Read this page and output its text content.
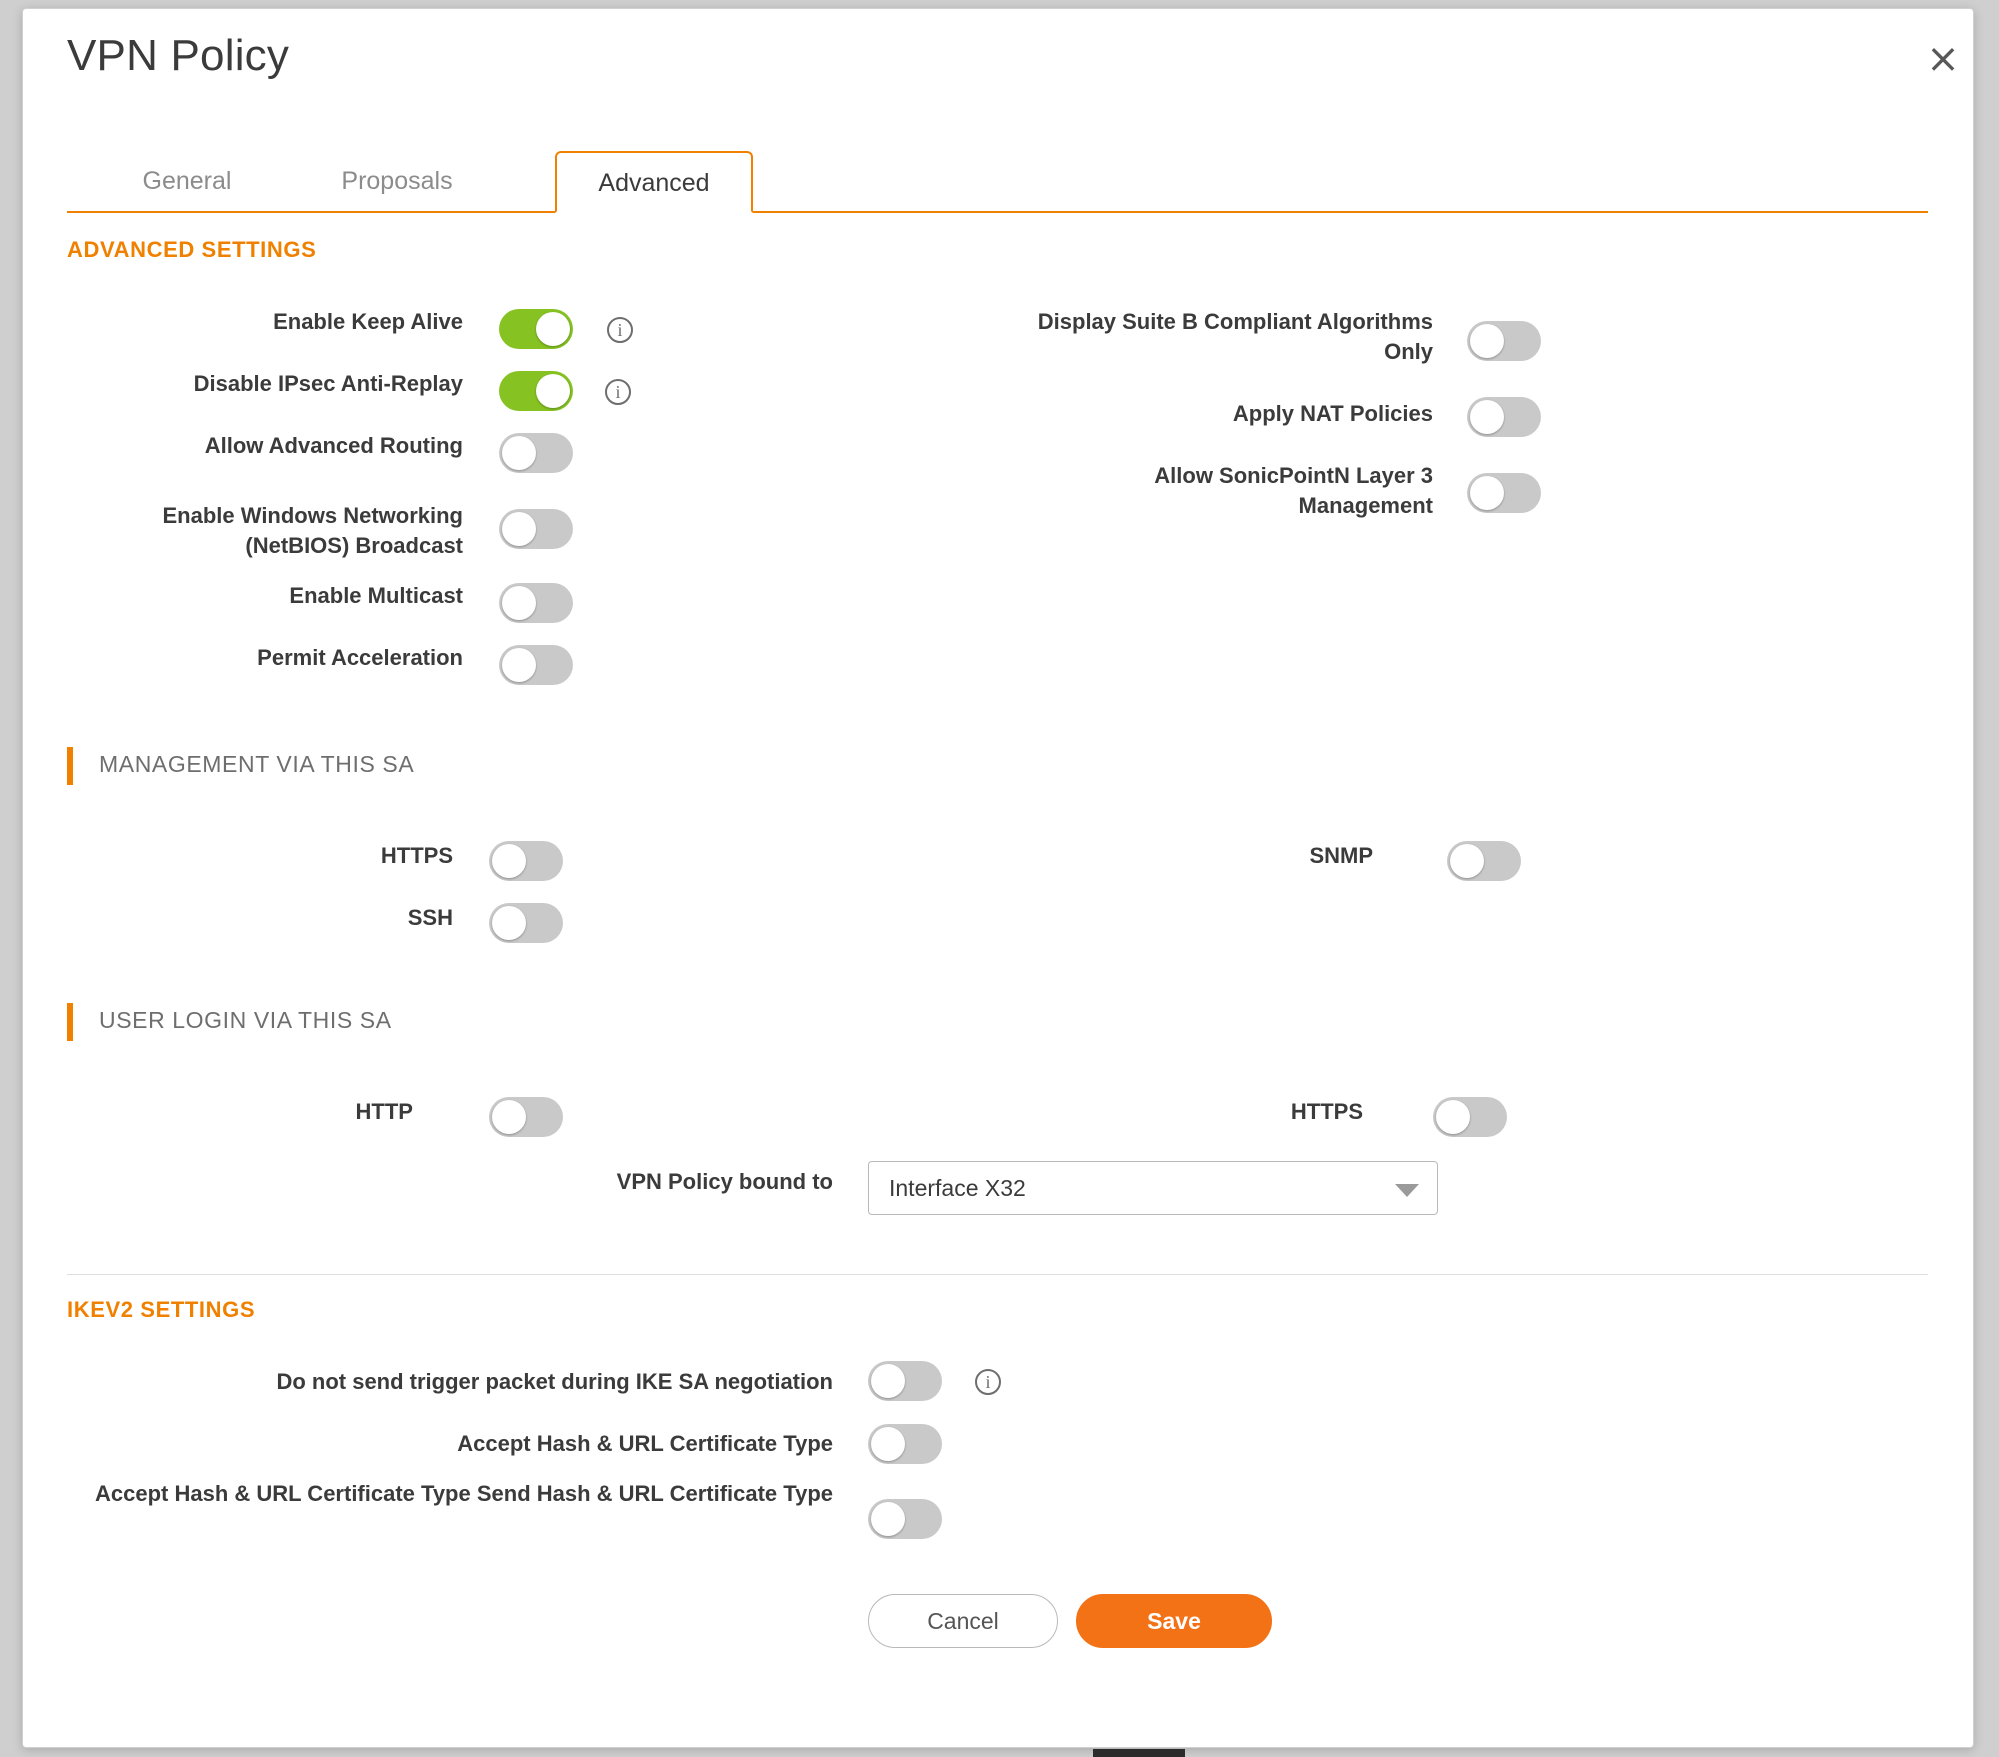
VPN Policy	×
General	Proposals	Advanced
ADVANCED SETTINGS
Enable Keep Alive	i
Disable IPsec Anti-Replay	i
Allow Advanced Routing
Enable Windows Networking (NetBIOS) Broadcast
Enable Multicast
Permit Acceleration
Display Suite B Compliant Algorithms Only
Apply NAT Policies
Allow SonicPointN Layer 3 Management
MANAGEMENT VIA THIS SA
HTTPS
SSH
SNMP
USER LOGIN VIA THIS SA
HTTP	HTTPS
VPN Policy bound to	Interface X32
IKEV2 SETTINGS
Do not send trigger packet during IKE SA negotiation	i
Accept Hash & URL Certificate Type
Accept Hash & URL Certificate Type Send Hash & URL Certificate Type
Cancel	Save
